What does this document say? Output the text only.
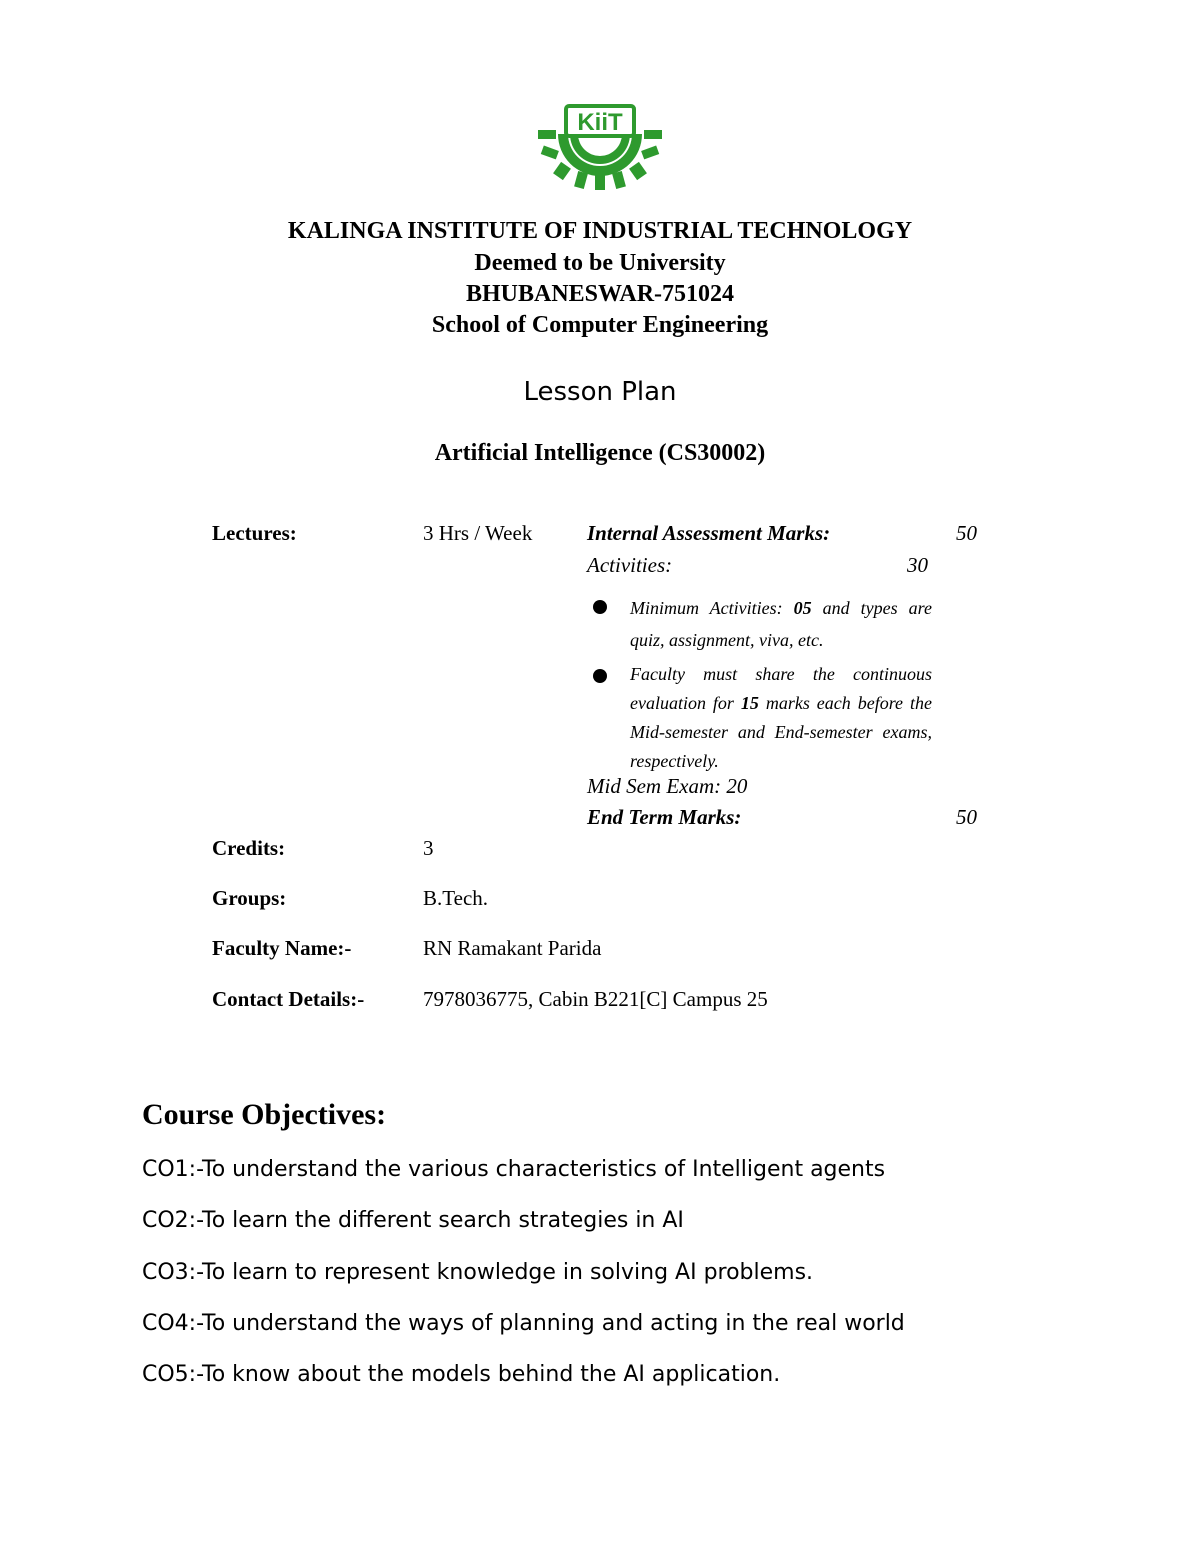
KiiT
KALINGA INSTITUTE OF INDUSTRIAL TECHNOLOGY
Deemed to be University
BHUBANESWAR-751024
School of Computer Engineering
Lesson Plan
Artificial Intelligence (CS30002)
Lectures:	3 Hrs / Week
Credits:	3
Groups:	B.Tech.
Faculty Name:-	RN Ramakant Parida
Contact Details:-	7978036775, Cabin B221[C] Campus 25
Internal Assessment Marks:	50
Activities:	30
Minimum Activities: 05 and types are quiz, assignment, viva, etc.
Faculty must share the continuous evaluation for 15 marks each before the Mid-semester and End-semester exams, respectively.
Mid Sem Exam: 20
End Term Marks:	50
Course Objectives:
CO1:-To understand the various characteristics of Intelligent agents
CO2:-To learn the different search strategies in AI
CO3:-To learn to represent knowledge in solving AI problems.
CO4:-To understand the ways of planning and acting in the real world
CO5:-To know about the models behind the AI application.
